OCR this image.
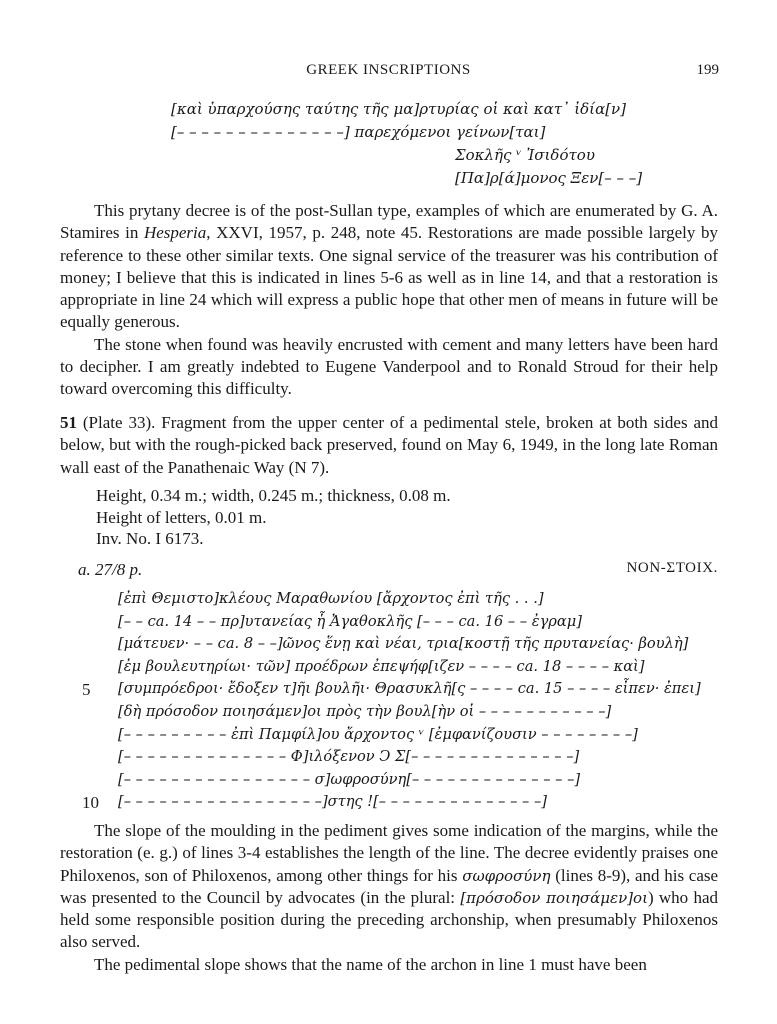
GREEK INSCRIPTIONS	199
[καὶ ὑπαρχούσης ταύτης τῆς μα]ρτυρίας οἱ καὶ κατ᾽ ἰδία[ν]
[– – – – – – – – – – – – – –] παρεχόμενοι γείνων[ται]
Σοκλῆς ᵛ Ἰσιδότου
[Πα]ρ[ά]μονος Ξεν[– – –]

This prytany decree is of the post-Sullan type, examples of which are enumerated by G. A. Stamires in Hesperia, XXVI, 1957, p. 248, note 45. Restorations are made possible largely by reference to these other similar texts. One signal service of the treasurer was his contribution of money; I believe that this is indicated in lines 5-6 as well as in line 14, and that a restoration is appropriate in line 24 which will express a public hope that other men of means in future will be equally generous.

The stone when found was heavily encrusted with cement and many letters have been hard to decipher. I am greatly indebted to Eugene Vanderpool and to Ronald Stroud for their help toward overcoming this difficulty.

51 (Plate 33). Fragment from the upper center of a pedimental stele, broken at both sides and below, but with the rough-picked back preserved, found on May 6, 1949, in the long late Roman wall east of the Panathenaic Way (N 7).

Height, 0.34 m.; width, 0.245 m.; thickness, 0.08 m.
Height of letters, 0.01 m.
Inv. No. I 6173.
a. 27/8 p.	NON-ΣΤΟΙΧ.
[ἐπὶ Θεμιστο]κλέους Μαραθωνίου [ἄρχοντος ἐπὶ τῆς . . .]
[– – ca. 14 – – πρ]υτανείας ἧ Ἀγαθοκλῆς [– – – ca. 16 – – ἐγραμ]
[μάτευεν· – – ca. 8 – –]ῶνος ἕνῃ καὶ νέαι, τρια[κοστῇ τῆς πρυτανείας· βουλὴ]
[ἐμ βουλευτηρίωι· τῶν] προέδρων ἐπεψήφ[ιζεν – – – – ca. 18 – – – – καὶ]
5 [συμπρόεδροι· ἔδοξεν τ]ῆι βουλῆι· Θρασυκλῆ[ς – – – – ca. 15 – – – – εἶπεν· ἐπει]
[δὴ πρόσοδον ποιησάμεν]οι πρὸς τὴν βουλ[ὴν οἱ – – – – – – – – – – –]
[– – – – – – – – – ἐπὶ Παμφίλ]ου ἄρχοντος ᵛ [ἐμφανίζουσιν – – – – – – – –]
[– – – – – – – – – – – – – – Φ]ιλόξενον Ͻ Σ[– – – – – – – – – – – – – –]
[– – – – – – – – – – – – – – – – σ]ωφροσύνη[– – – – – – – – – – – – – –]
10 [– – – – – – – – – – – – – – – – –]στης ![– – – – – – – – – – – – – –]

The slope of the moulding in the pediment gives some indication of the margins, while the restoration (e. g.) of lines 3-4 establishes the length of the line. The decree evidently praises one Philoxenos, son of Philoxenos, among other things for his σωφροσύνη (lines 8-9), and his case was presented to the Council by advocates (in the plural: [πρόσοδον ποιησάμεν]οι) who had held some responsible position during the preceding archonship, when presumably Philoxenos also served.

The pedimental slope shows that the name of the archon in line 1 must have been
